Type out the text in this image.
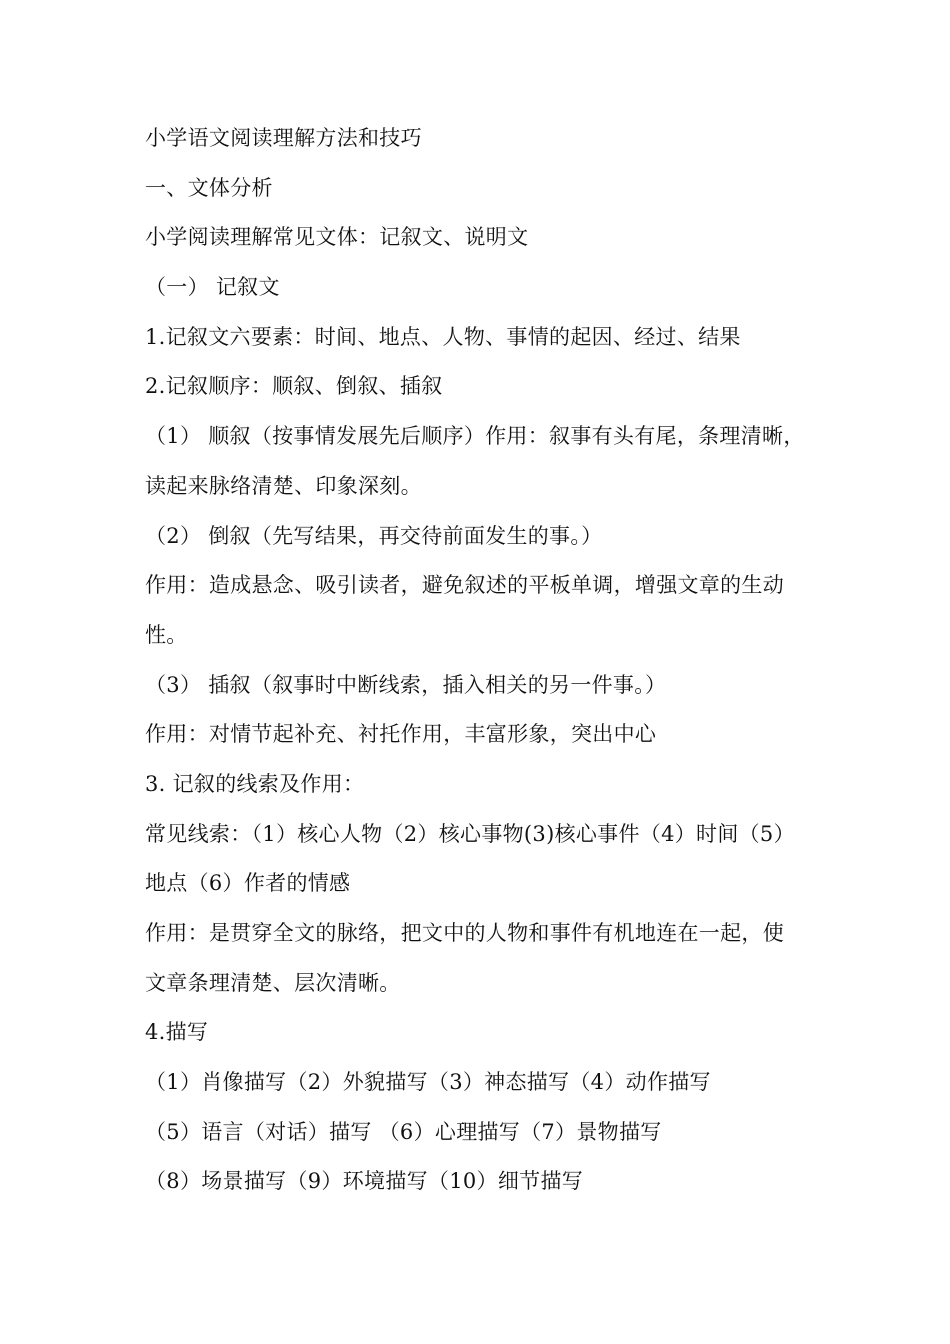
小学语文阅读理解方法和技巧
一、文体分析
小学阅读理解常见文体：记叙文、说明文
（一） 记叙文
1.记叙文六要素：时间、地点、人物、事情的起因、经过、结果
2.记叙顺序：顺叙、倒叙、插叙
（1） 顺叙（按事情发展先后顺序）作用：叙事有头有尾，条理清晰，
读起来脉络清楚、印象深刻。
（2） 倒叙（先写结果，再交待前面发生的事。）
作用：造成悬念、吸引读者，避免叙述的平板单调，增强文章的生动
性。
（3） 插叙（叙事时中断线索，插入相关的另一件事。）
作用：对情节起补充、衬托作用，丰富形象，突出中心
3. 记叙的线索及作用：
常见线索：（1）核心人物（2）核心事物(3)核心事件（4）时间（5）
地点（6）作者的情感
作用：是贯穿全文的脉络，把文中的人物和事件有机地连在一起，使
文章条理清楚、层次清晰。
4.描写
（1）肖像描写（2）外貌描写（3）神态描写（4）动作描写
（5）语言（对话）描写 （6）心理描写（7）景物描写
（8）场景描写（9）环境描写（10）细节描写
